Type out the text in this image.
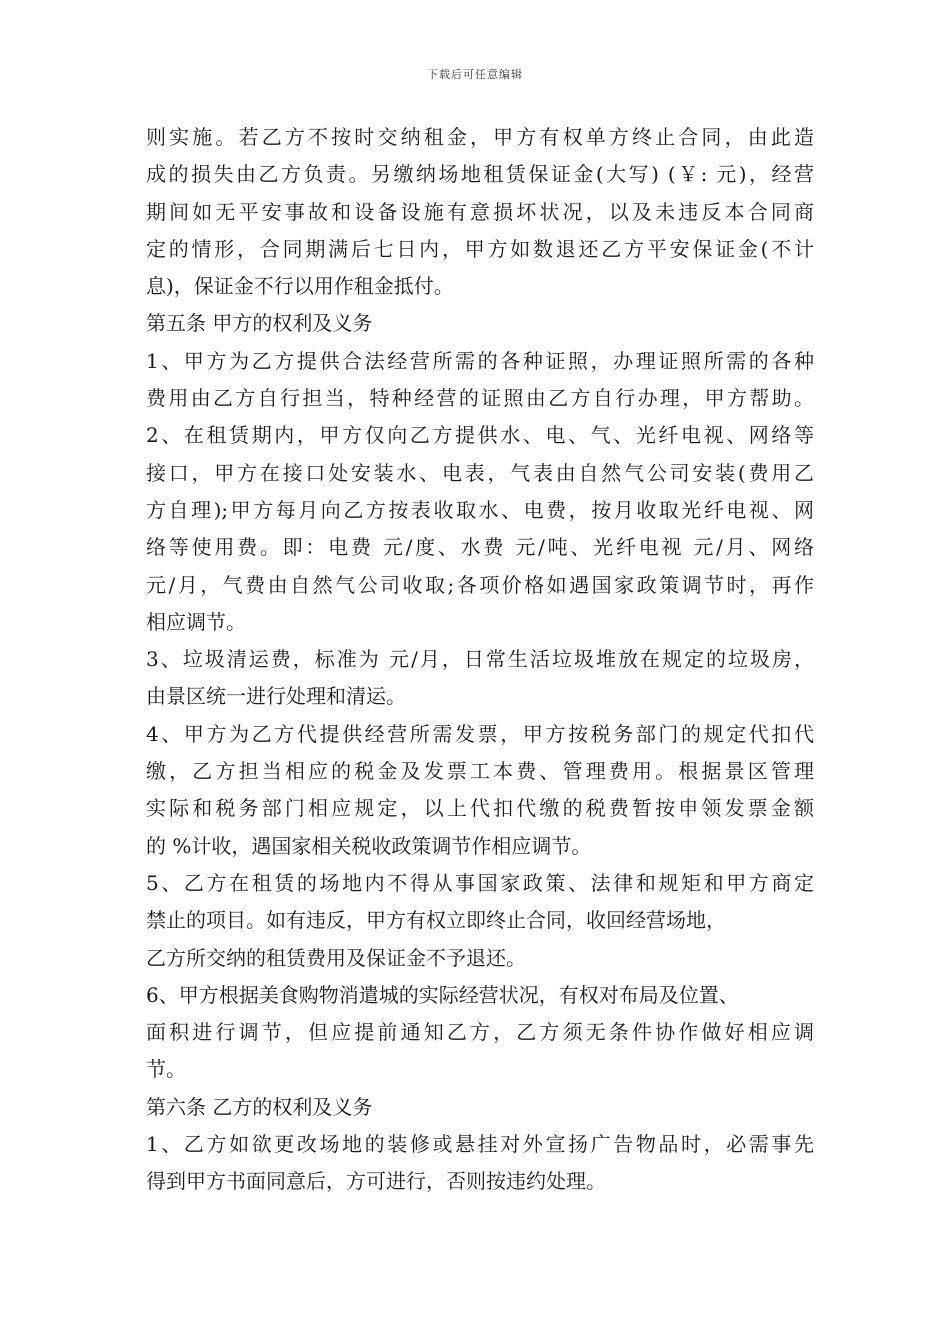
下载后可任意编辑
则实施。若乙方不按时交纳租金，甲方有权单方终止合同，由此造
成的损失由乙方负责。另缴纳场地租赁保证金(大写) (￥: 元)，经营
期间如无平安事故和设备设施有意损坏状况，以及未违反本合同商
定的情形，合同期满后七日内，甲方如数退还乙方平安保证金(不计
息)，保证金不行以用作租金抵付。
第五条 甲方的权利及义务
1、甲方为乙方提供合法经营所需的各种证照，办理证照所需的各种
费用由乙方自行担当，特种经营的证照由乙方自行办理，甲方帮助。
2、在租赁期内，甲方仅向乙方提供水、电、气、光纤电视、网络等
接口，甲方在接口处安装水、电表，气表由自然气公司安装(费用乙
方自理);甲方每月向乙方按表收取水、电费，按月收取光纤电视、网
络等使用费。即：电费 元/度、水费 元/吨、光纤电视 元/月、网络
元/月，气费由自然气公司收取;各项价格如遇国家政策调节时，再作
相应调节。
3、垃圾清运费，标准为 元/月，日常生活垃圾堆放在规定的垃圾房，
由景区统一进行处理和清运。
4、甲方为乙方代提供经营所需发票，甲方按税务部门的规定代扣代
缴，乙方担当相应的税金及发票工本费、管理费用。根据景区管理
实际和税务部门相应规定，以上代扣代缴的税费暂按申领发票金额
的 %计收，遇国家相关税收政策调节作相应调节。
5、乙方在租赁的场地内不得从事国家政策、法律和规矩和甲方商定
禁止的项目。如有违反，甲方有权立即终止合同，收回经营场地，
乙方所交纳的租赁费用及保证金不予退还。
6、甲方根据美食购物消遣城的实际经营状况，有权对布局及位置、
面积进行调节，但应提前通知乙方，乙方须无条件协作做好相应调
节。
第六条 乙方的权利及义务
1、乙方如欲更改场地的装修或悬挂对外宣扬广告物品时，必需事先
得到甲方书面同意后，方可进行，否则按违约处理。
